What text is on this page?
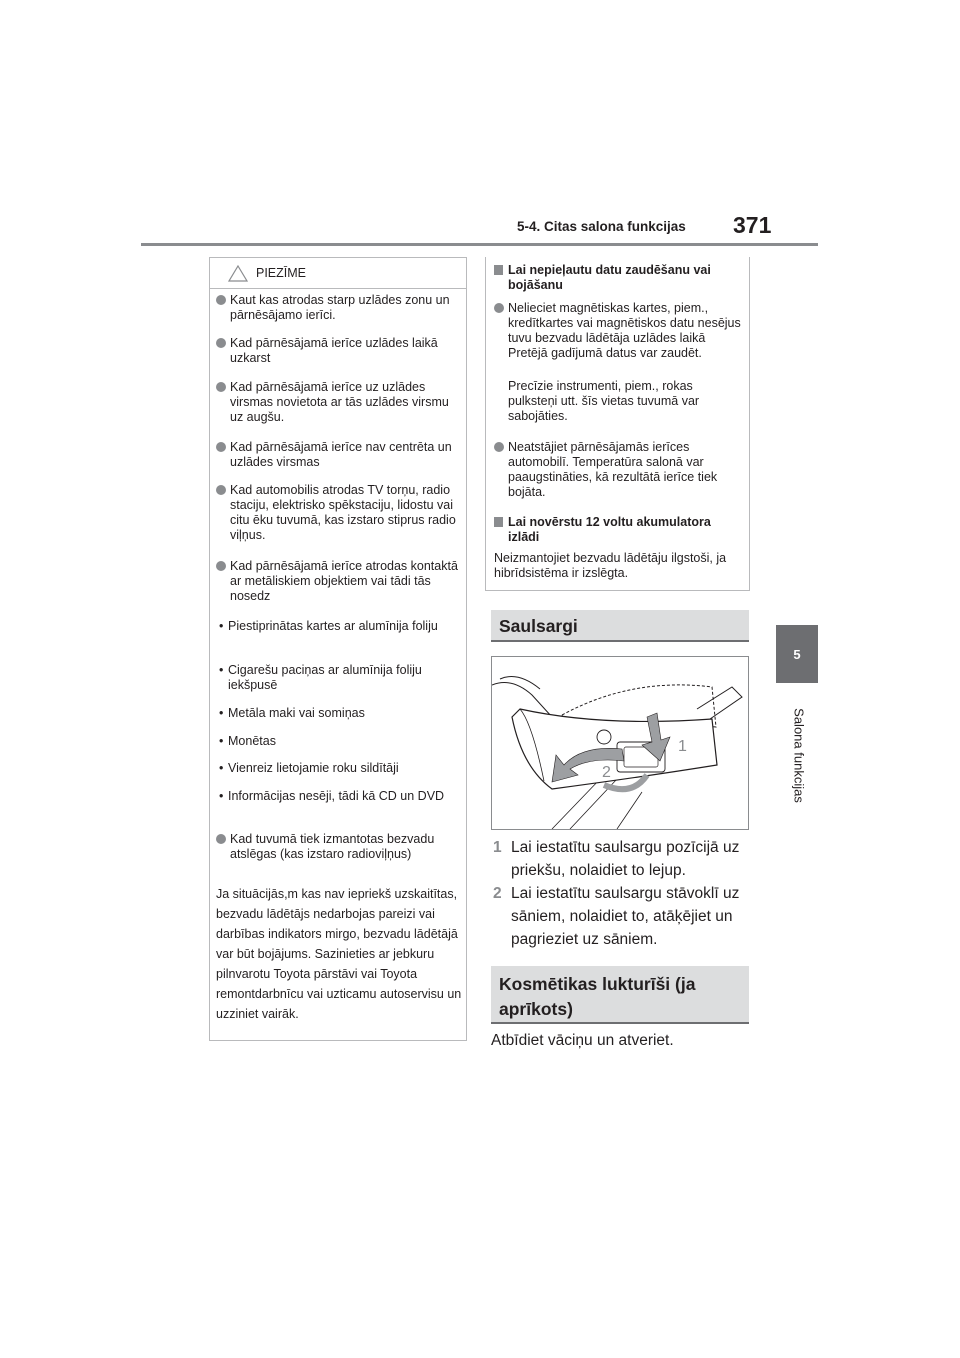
5-4. Citas salona funkcijas 371
5
Salona funkcijas
PIEZĪME
Kaut kas atrodas starp uzlādes zonu un pārnēsājamo ierīci.
Kad pārnēsājamā ierīce uzlādes laikā uzkarst
Kad pārnēsājamā ierīce uz uzlādes virsmas novietota ar tās uzlādes virsmu uz augšu.
Kad pārnēsājamā ierīce nav centrēta un uzlādes virsmas
Kad automobilis atrodas TV torņu, radio staciju, elektrisko spēkstaciju, lidostu vai citu ēku tuvumā, kas izstaro stiprus radio viļņus.
Kad pārnēsājamā ierīce atrodas kontaktā ar metāliskiem objektiem vai tādi tās nosedz
• Piestiprinātas kartes ar alumīnija foliju
• Cigarešu paciņas ar alumīnija foliju iekšpusē
• Metāla maki vai somiņas
• Monētas
• Vienreiz lietojamie roku sildītāji
• Informācijas nesēji, tādi kā CD un DVD
Kad tuvumā tiek izmantotas bezvadu atslēgas (kas izstaro radioviļņus)
Ja situācijās,m kas nav iepriekš uzskaitītas, bezvadu lādētājs nedarbojas pareizi vai darbības indikators mirgo, bezvadu lādētājā var būt bojājums. Sazinieties ar jebkuru pilnvarotu Toyota pārstāvi vai Toyota remontdarbnīcu vai uzticamu autoservisu un uzziniet vairāk.
Lai nepieļautu datu zaudēšanu vai bojāšanu
Nelieciet magnētiskas kartes, piem., kredītkartes vai magnētiskos datu nesējus tuvu bezvadu lādētāja uzlādes laikā Pretējā gadījumā datus var zaudēt.
Precīzie instrumenti, piem., rokas pulksteņi utt. šīs vietas tuvumā var sabojāties.
Neatstājiet pārnēsājamās ierīces automobilī. Temperatūra salonā var paaugstināties, kā rezultātā ierīce tiek bojāta.
Lai novērstu 12 voltu akumulatora izlādi
Neizmantojiet bezvadu lādētāju ilgstoši, ja hibrīdsistēma ir izslēgta.
Saulsargi
1
2
1 Lai iestatītu saulsargu pozīcijā uz priekšu, nolaidiet to lejup.
2 Lai iestatītu saulsargu stāvoklī uz sāniem, nolaidiet to, atāķējiet un pagrieziet uz sāniem.
Kosmētikas lukturīši (ja aprīkots)
Atbīdiet vāciņu un atveriet.
